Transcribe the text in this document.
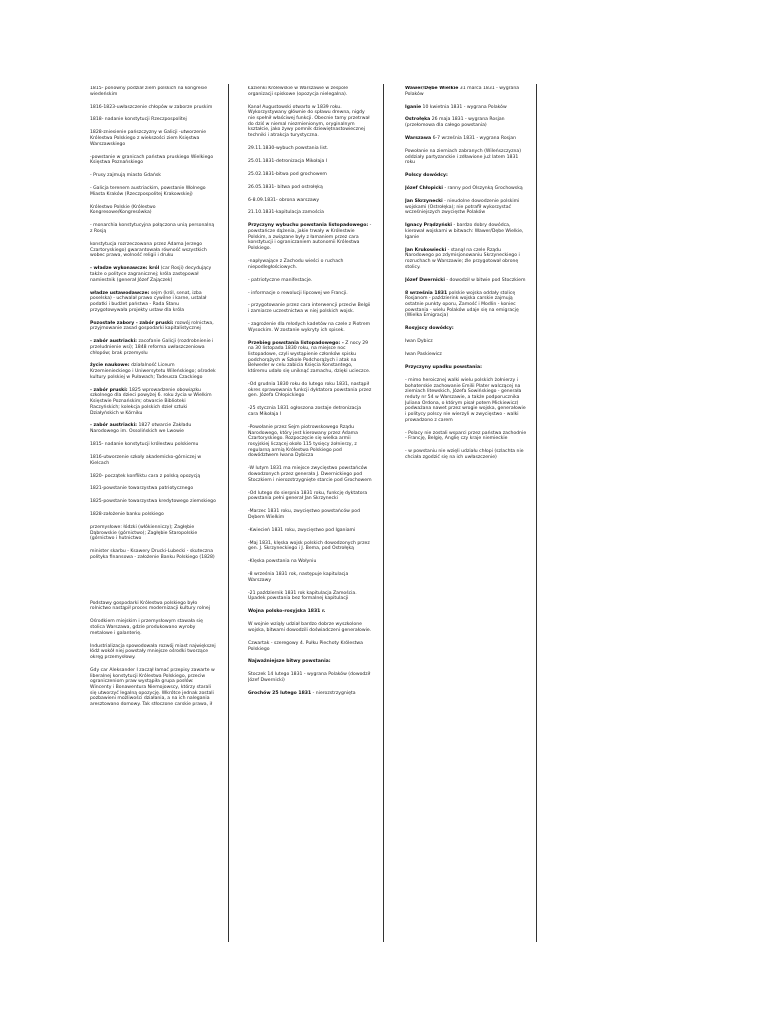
1815- ponowny podział ziem polskich na kongresie wiedeńskim

1816-1823-uwłaszczenie chłopów w zaborze pruskim

1818- nadanie konstytucji Rzeczpospolitej

1828-zniesienie pańszczyzny w Galicji -utworzenie Królestwa Polskiego z wiekszości ziem Księstwa Warszawskiego

-powstanie w granicach państwa pruskiego Wielkiego Księstwa Poznańskiego

- Prusy zajmują miasto Gdańsk

- Galicja terenem austriackim, powstanie Wolnego Miasta Kraków (Rzeczpospolitej Krakowskiej)

Królestwo Polskie (Królestwo Kongresowe/Kongresówka)

- monarchia konstytucyjna połączona unią personalną z Rosją

konstytucja rozrzeczowana przez Adama Jerzego Czartoryskiego) gwarantowała równość wszystkich wobec prawa, wolność religii i druku

- władze wykonawcze: król (car Rosji) decydujący także o polityce zagranicznej; króla zastępował namiestnik (generał Józef Zajączek)

władze ustawodawcze: sejm (król, senat, izba poselska) - uchwalał prawo cywilne i karne, ustalał podatki i budżet państwa - Rada Stanu przygotowywała projekty ustaw dla króla

Pozostałe zabory - zabór pruski: rozwój rolnictwa, przyjmowanie zasad gospodarki kapitalistycznej

- zabór austriacki: zacofanie Galicji (rozdrobnienie i przeludnienie wsi); 1848 reforma uwłaszczeniowa chłopów; brak przemysłu

życie naukowe: działalność Liceum Krzemienieckiego i Uniwersytetu Wileńskiego; ośrodek kultury polskiej w Puławach; Tadeusza Czackiego

- zabór pruski: 1825 wprowadzenie obowiązku szkolnego dla dzieci powyżej 6. roku życia w Wielkim Księstwie Poznańskim; otwarcie Biblioteki Raczyńskich; kolekcja polskich dzieł sztuki Działyńskich w Kórniku

- zabór austriacki: 1827 otwarcie Zakładu Narodowego im. Ossolińskich we Lwowie

1815- nadanie konstytucji królestwu polskiemu

1816-utworzenie szkoły akademicko-górniczej w Kielcach

1820- początek konfliktu cara z polską opozycją

1821-powstanie towarzystwa patriotycznego

1825-powstanie towarzystwa kredytowego ziemskiego

1828-założenie banku polskiego

przemysłowe: łódzki (włókienniczy); Zagłębie Dąbrowskie (górnictwo); Zagłębie Staropolskie (górnictwo i hutnictwo

minister skarbu - Ksawery Drucki-Lubecki - skuteczna polityka finansowa - założenie Banku Polskiego (1828)

Podstawy gospodarki Królestwa polskiego było rolnictwo nastąpił proces modernizacji kultury rolnej

Ośrodkiem miejskim i przemysłowym stawała się stolica Warszawa, gdzie produkowano wyroby metalowe i galanterię.

Industrializacja spowodowała rozwój miast największej łódź wokół niej powstały mniejsze ośrodki tworzące okręg przemysłowy.

Gdy car Aleksander I zaczął łamać przepisy zawarte w liberalnej konstytucji Królestwa Polskiego, przeciw ograniczeniom praw wystąpiła grupa posłów: Wincenty i Bonawentura Niemojowscy, którzy starali się utworzyć legalną opozycję. Wkrótce jednak zostali pozbawieni możliwości działania, a na ich nalegania aresztowano domowy. Tak stłoczone carskie prawa, ił

Łazienki Królewskie w Warszawie w zespole organizacji spiskowe (opozycja nielegalna).

Kanał Augustowski otwarto w 1839 roku. Wykorzystywany głównie do spławu drewna, nigdy nie spełnił właściwej funkcji. Obecnie tamy przetrwał do dziś w niemal niezmienionym, oryginalnym kształcie, jako żywy pomnik dziewiętnastowiecznej techniki i atrakcja turystyczna.

29.11.1830-wybuch powstania list.

25.01.1831-detronizacja Mikołaja I

25.02.1831-bitwa pod grochowem

26.05.1831- bitwa pod ostrołęką

6-8.09.1831- obrona warszawy

21.10.1831-kapitulacja zamościa

Przyczyny wybuchu powstania listopadowego: -powstańcze dążenia, jakie trwały w Królestwie Polskim, a związane były z łamaniem przez cara konstytucji i ograniczaniem autonomii Królestwa Polskiego.

-napływające z Zachodu wieści o ruchach niepodległościowych.

- patriotyczne manifestacje.

- informacje o rewolucji lipcowej we Francji.

- przygotowanie przez cara interwencji przeciw Belgii i zamiarze uczestnictwa w niej polskich wojsk.

- zagrożenie dla młodych kadetów na czele z Piotrem Wysockim. W zostanie wykryty ich spisek.

Przebieg powstania listopadowego: - Z nocy 29 na 30 listopada 1830 roku, na miejsce noc listopadowe, czyli wystąpienie członków spisku podchorążych w Szkole Podchorążych i atak na Belweder w celu zabicia Księcia Konstantego, któremu udało się uniknąć zamachu, dzięki ucieczce.

-Od grudnia 1830 roku do lutego roku 1831, nastąpił okres sprawowania funkcji dyktatora powstania przez gen. Józefa Chłopickiego

-25 stycznia 1831 ogłoszona zostaje detronizacja cara Mikołaja I

-Powołanie przez Sejm piotrowskowego Rządu Narodowego, który jest kierowany przez Adama Czartoryskiego. Rozpoczęcie się wielka armii rosyjskiej liczącej około 115 tysięcy żołnierzy, z regularną armią Królestwa Polskiego pod dowództwem Iwana Dybicza

-W lutym 1831 ma miejsce zwycięstwo powstańców dowodzonych przez generała J. Dwernickiego pod Stoczkiem i nierozstrzygnięte starcie pod Grochowem

-Od lutego do sierpnia 1831 roku, funkcję dyktatora powstania pełni generał Jan Skrzynecki

-Marzec 1831 roku, zwycięstwo powstańców pod Dębem Wielkim

-Kwiecień 1831 roku, zwycięstwo pod Iganiami

-Maj 1831, klęska wojsk polskich dowodzonych przez gen. J. Skrzyneckiego i J. Bema, pod Ostrołęką

-Klęska powstania na Wołyniu

-8 września 1831 rok, następuje kapitulacja Warszawy

-21 październik 1831 rok kapitulacja Zamościa. Upadek powstania bez formalnej kapitulacji

Wojna polsko-rosyjska 1831 r.

W wojnie wziąły udział bardzo dobrze wyszkolone wojska, bitwami dowodzili doświadczeni generałowie.

Czwartak - szeregowy 4. Pułku Piechoty Królestwa Polskiego

Najważniejsze bitwy powstania:

Stoczek 14 lutego 1831 - wygrana Polaków (dowodził Józef Dwernicki)

Grochów 25 lutego 1831 - nierozstrzygnięta

Wawer/Dębe Wielkie 31 marca 1831 - wygrana Polaków

Iganie 10 kwietnia 1831 - wygrana Polaków

Ostrołęka 26 maja 1831 - wygrana Rosjan (przełomowa dla całego powstania)

Warszawa 6-7 września 1831 - wygrana Rosjan

Powołanie na ziemiach zabranych (Wileńszczyzna) oddziały partyzanckie i zdławione już latem 1831 roku

Polscy dowódcy:

Józef Chłopicki - ranny pod Olszynką Grochowską

Jan Skrzynecki - nieudolne dowodzenie polskimi wojskami (Ostrołęka); nie potrafił wykorzystać wcześniejszych zwycięstw Polaków

Ignacy Prądzyński - bardzo dobry dowódca, kierował wojskami w bitwach: Wawer/Dębe Wielkie, Iganie

Jan Krukowiecki - stanął na czele Rządu Narodowego po zdymisjonowaniu Skrzyneckiego i rozruchach w Warszawie; źle przygotował obronę stolicy.

Józef Dwernicki - dowodził w bitwie pod Stoczkiem

8 września 1831 polskie wojska oddały stolicę Rosjanom - paździerink wojska carskie zajmują ostatnie punkty oporu, Zamość i Modlin - koniec powstania - wielu Polaków udaje się na emigrację (Wielka Emigracja)

Rosyjscy dowódcy:

Iwan Dybicz

Iwan Paskiewicz

Przyczyny upadku powstania:

- mimo heroicznej walki wielu polskich żołnierzy i bohaterskie zachowanie Emilii Plater walczącej na ziemiach litewskich, Józefa Sowińskiego - generała reduty nr 54 w Warszawie, a także podporucznika Juliana Ordona, o którym pisał potem Mickiewicz) podważana nawet przez wrogie wojska, generałowie i politycy polscy nie wierzyli w zwycięstwo - walki prowadzono z carem

- Polacy nie zostali wsparci przez państwa zachodnie - Francję, Belgię, Anglię czy kraje niemieckie

- w powstaniu nie wzięli udziału chłopi (szlachta nie chciała zgodzić się na ich uwłaszczenie)
